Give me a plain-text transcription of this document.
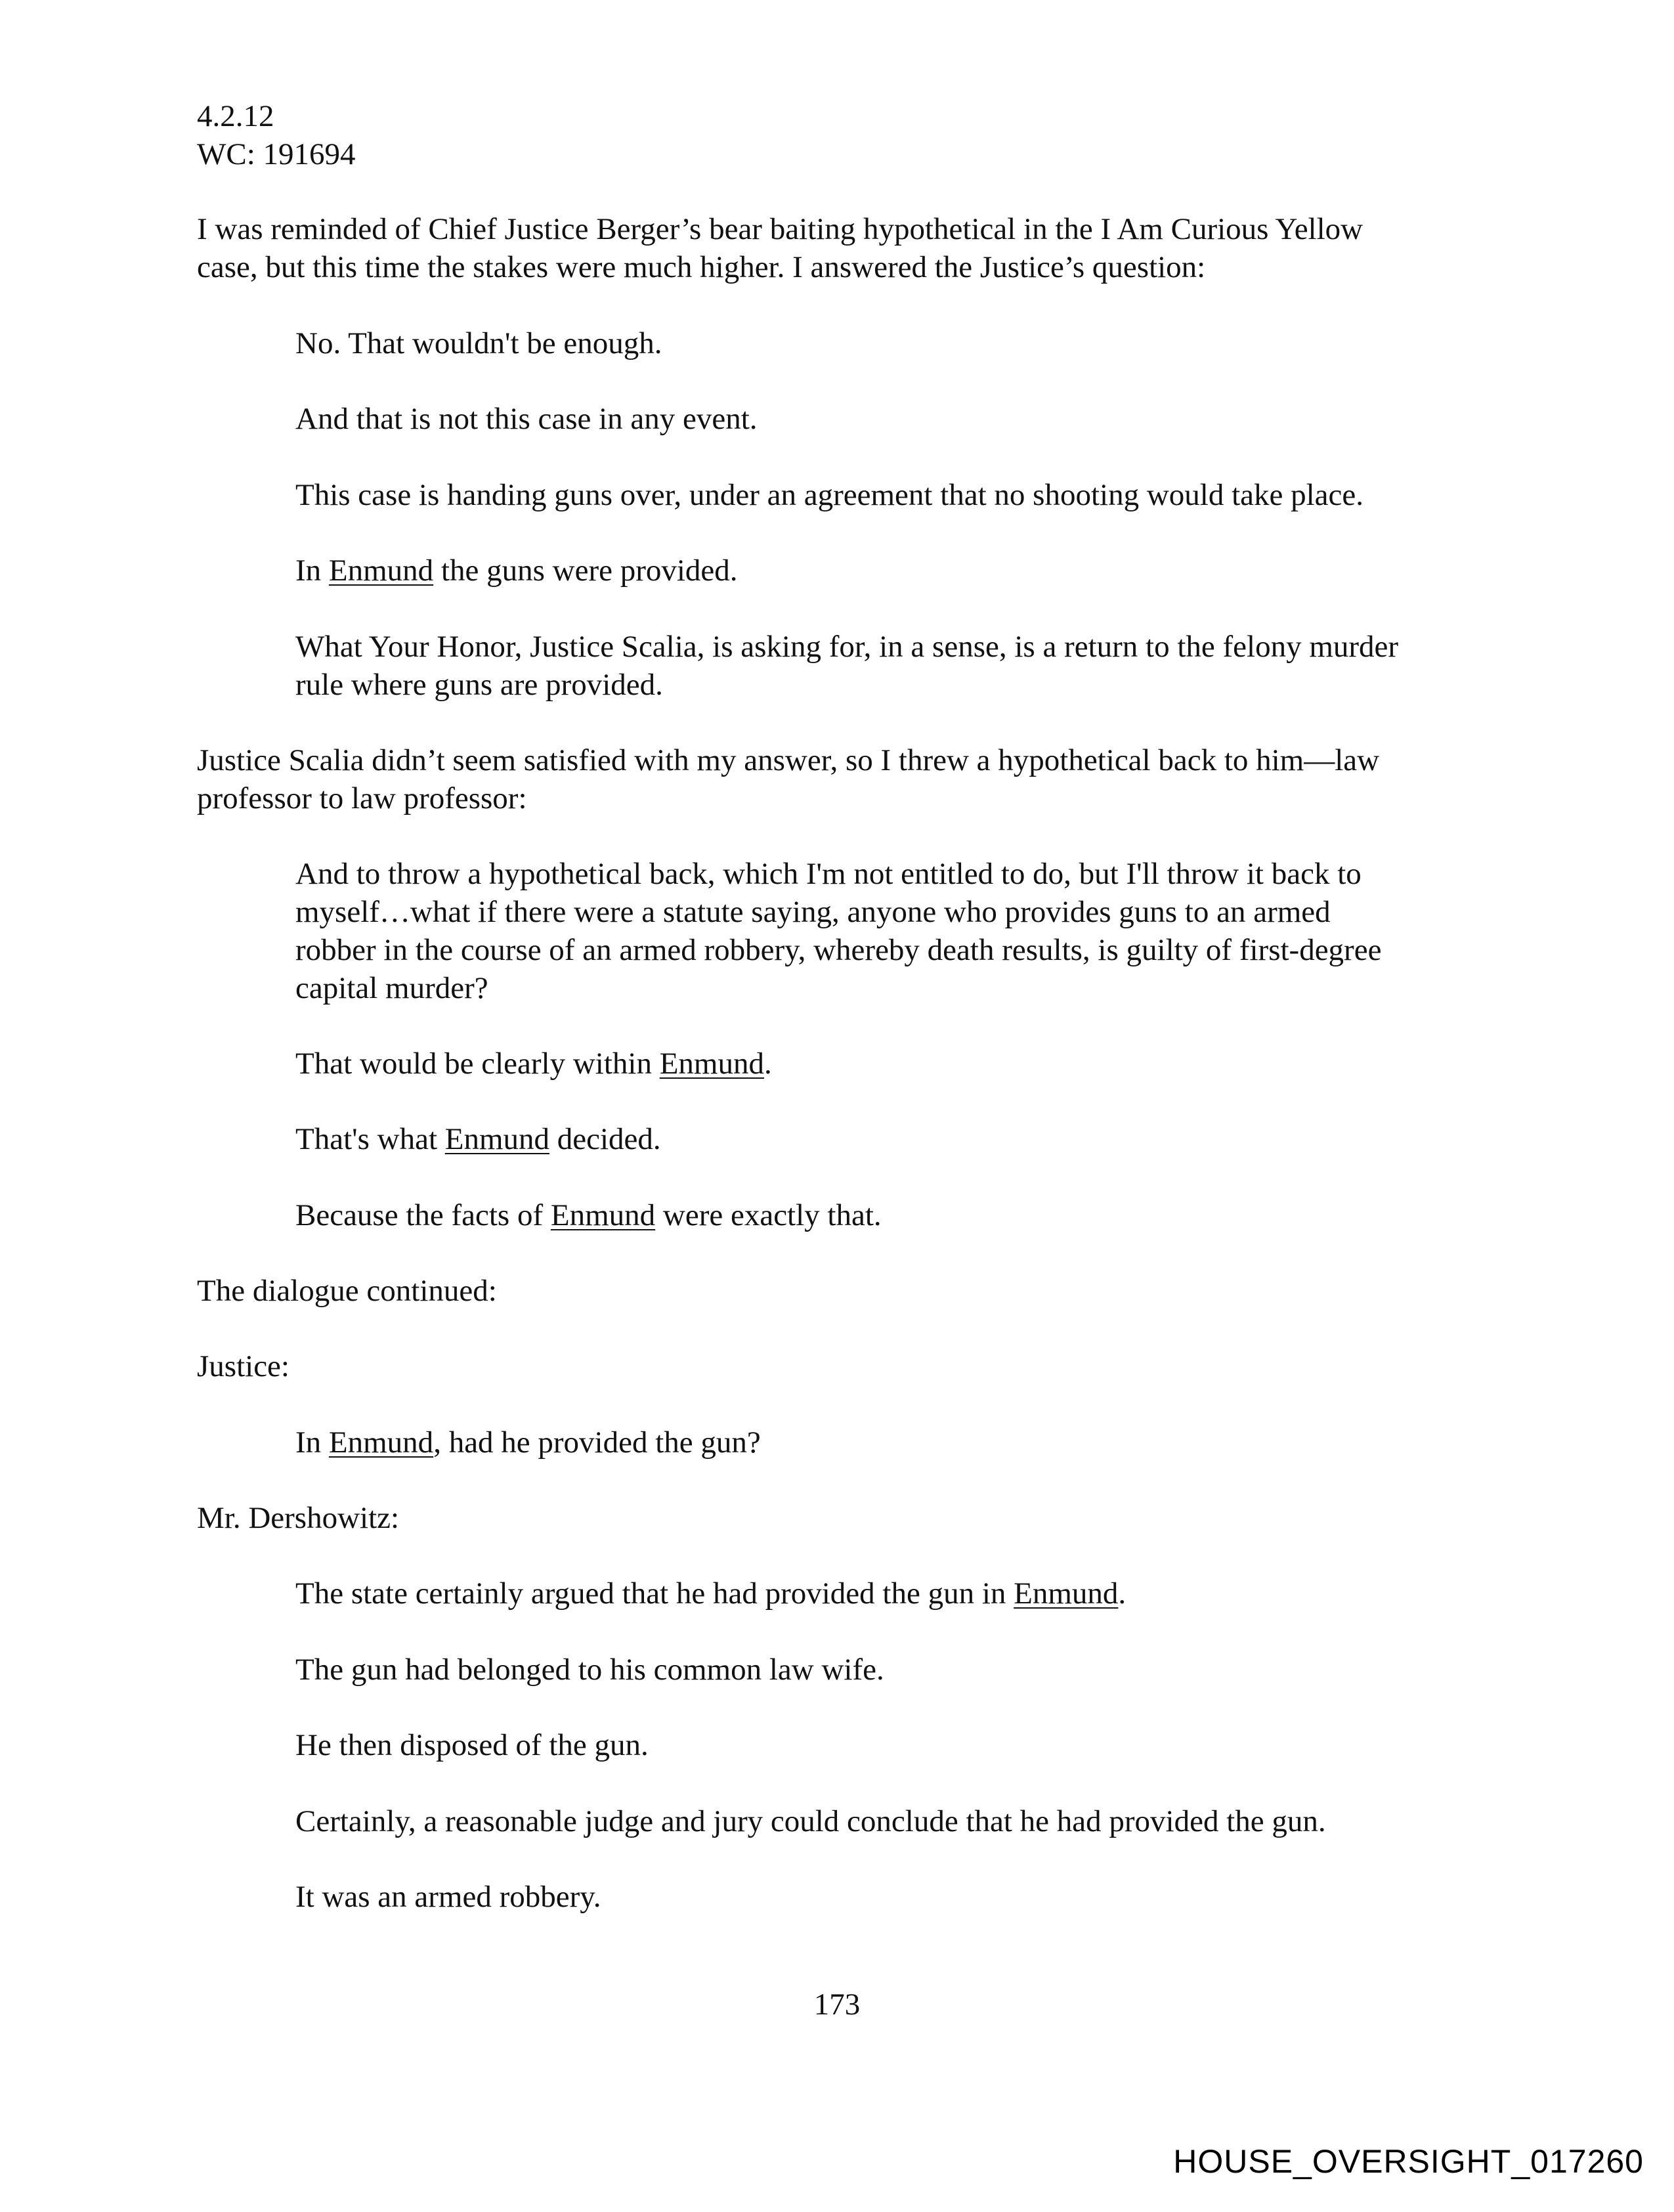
4.2.12
WC: 191694
I was reminded of Chief Justice Berger’s bear baiting hypothetical in the I Am Curious Yellow
case, but this time the stakes were much higher. I answered the Justice’s question:
No. That wouldn't be enough.
And that is not this case in any event.
This case is handing guns over, under an agreement that no shooting would take place.
In Enmund the guns were provided.
What Your Honor, Justice Scalia, is asking for, in a sense, is a return to the felony murder
rule where guns are provided.
Justice Scalia didn’t seem satisfied with my answer, so I threw a hypothetical back to him—law
professor to law professor:
And to throw a hypothetical back, which I'm not entitled to do, but I'll throw it back to
myself…what if there were a statute saying, anyone who provides guns to an armed
robber in the course of an armed robbery, whereby death results, is guilty of first-degree
capital murder?
That would be clearly within Enmund.
That's what Enmund decided.
Because the facts of Enmund were exactly that.
The dialogue continued:
Justice:
In Enmund, had he provided the gun?
Mr. Dershowitz:
The state certainly argued that he had provided the gun in Enmund.
The gun had belonged to his common law wife.
He then disposed of the gun.
Certainly, a reasonable judge and jury could conclude that he had provided the gun.
It was an armed robbery.
173
HOUSE_OVERSIGHT_017260
